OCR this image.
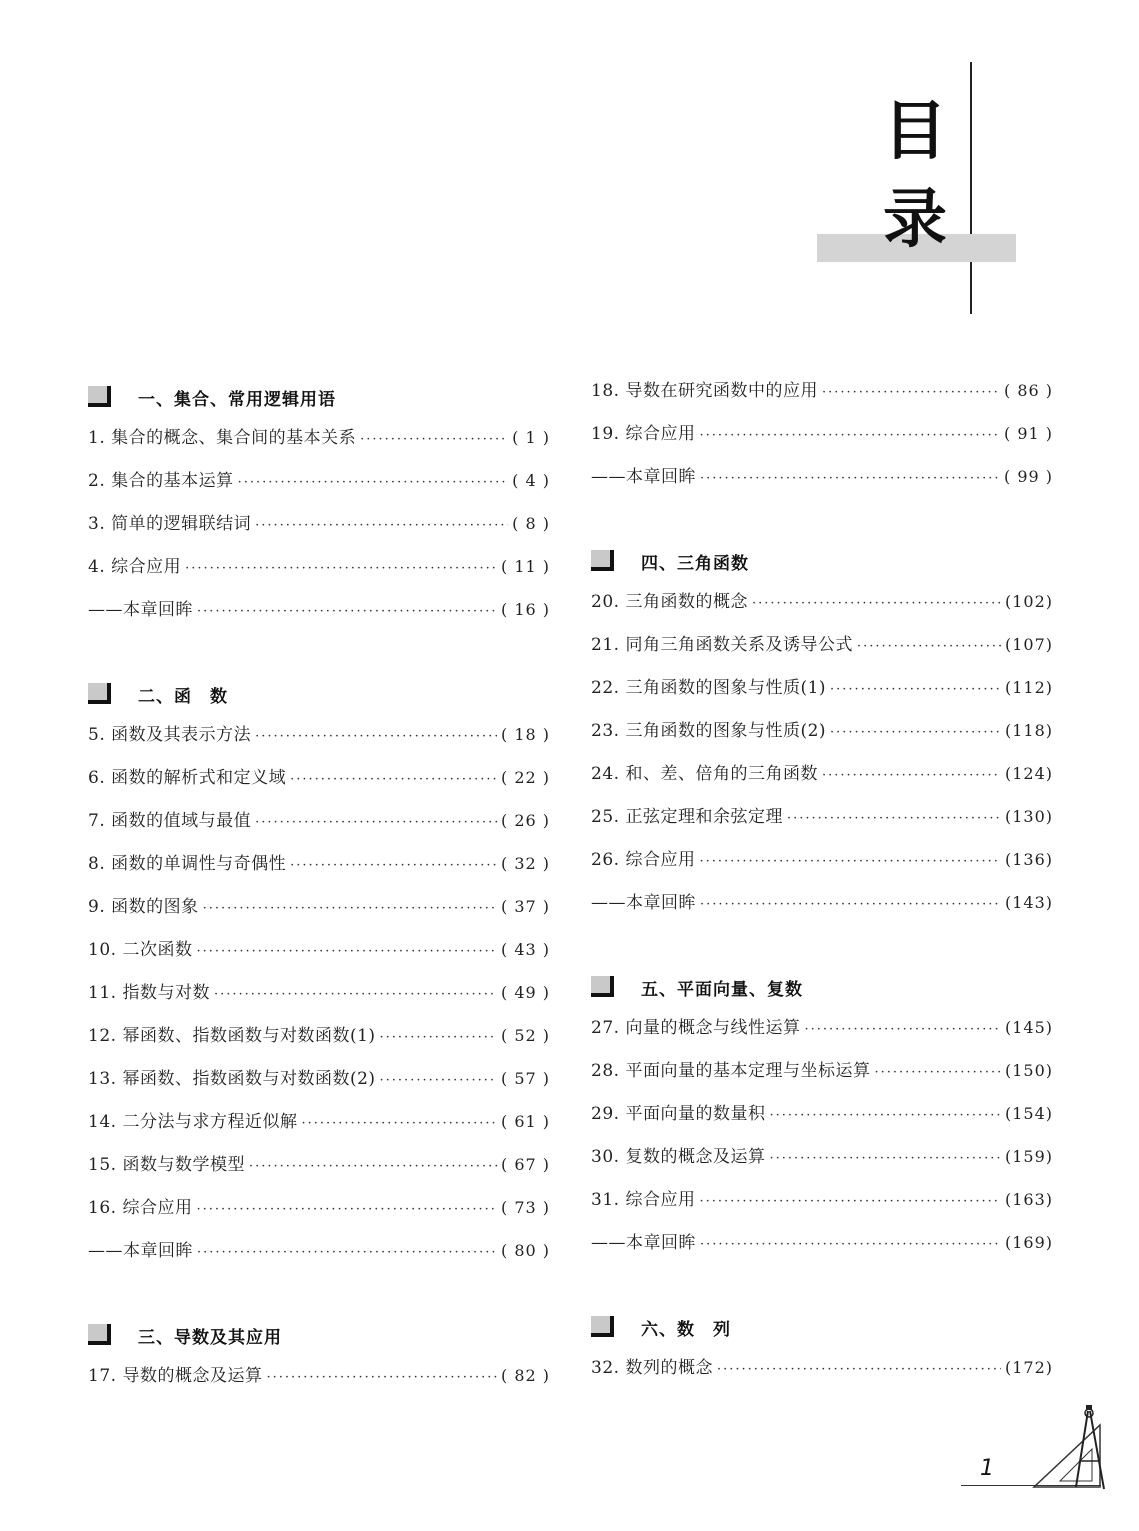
目
录
一、集合、常用逻辑用语
1. 集合的概念、集合间的基本关系 ·····	( 1 )
2. 集合的基本运算 ·····	( 4 )
3. 简单的逻辑联结词 ·····	( 8 )
4. 综合应用 ·····	( 11 )
——本章回眸 ·····	( 16 )
二、函　数
5. 函数及其表示方法 ·····	( 18 )
6. 函数的解析式和定义域 ·····	( 22 )
7. 函数的值域与最值 ·····	( 26 )
8. 函数的单调性与奇偶性 ·····	( 32 )
9. 函数的图象 ·····	( 37 )
10. 二次函数 ·····	( 43 )
11. 指数与对数 ·····	( 49 )
12. 幂函数、指数函数与对数函数(1) ·····	( 52 )
13. 幂函数、指数函数与对数函数(2) ·····	( 57 )
14. 二分法与求方程近似解 ·····	( 61 )
15. 函数与数学模型 ·····	( 67 )
16. 综合应用 ·····	( 73 )
——本章回眸 ·····	( 80 )
三、导数及其应用
17. 导数的概念及运算 ·····	( 82 )
18. 导数在研究函数中的应用 ·····	( 86 )
19. 综合应用 ·····	( 91 )
——本章回眸 ·····	( 99 )
四、三角函数
20. 三角函数的概念 ·····	(102)
21. 同角三角函数关系及诱导公式 ·····	(107)
22. 三角函数的图象与性质(1) ·····	(112)
23. 三角函数的图象与性质(2) ·····	(118)
24. 和、差、倍角的三角函数 ·····	(124)
25. 正弦定理和余弦定理 ·····	(130)
26. 综合应用 ·····	(136)
——本章回眸 ·····	(143)
五、平面向量、复数
27. 向量的概念与线性运算 ·····	(145)
28. 平面向量的基本定理与坐标运算 ·····	(150)
29. 平面向量的数量积 ·····	(154)
30. 复数的概念及运算 ·····	(159)
31. 综合应用 ·····	(163)
——本章回眸 ·····	(169)
六、数　列
32. 数列的概念 ·····	(172)
1
